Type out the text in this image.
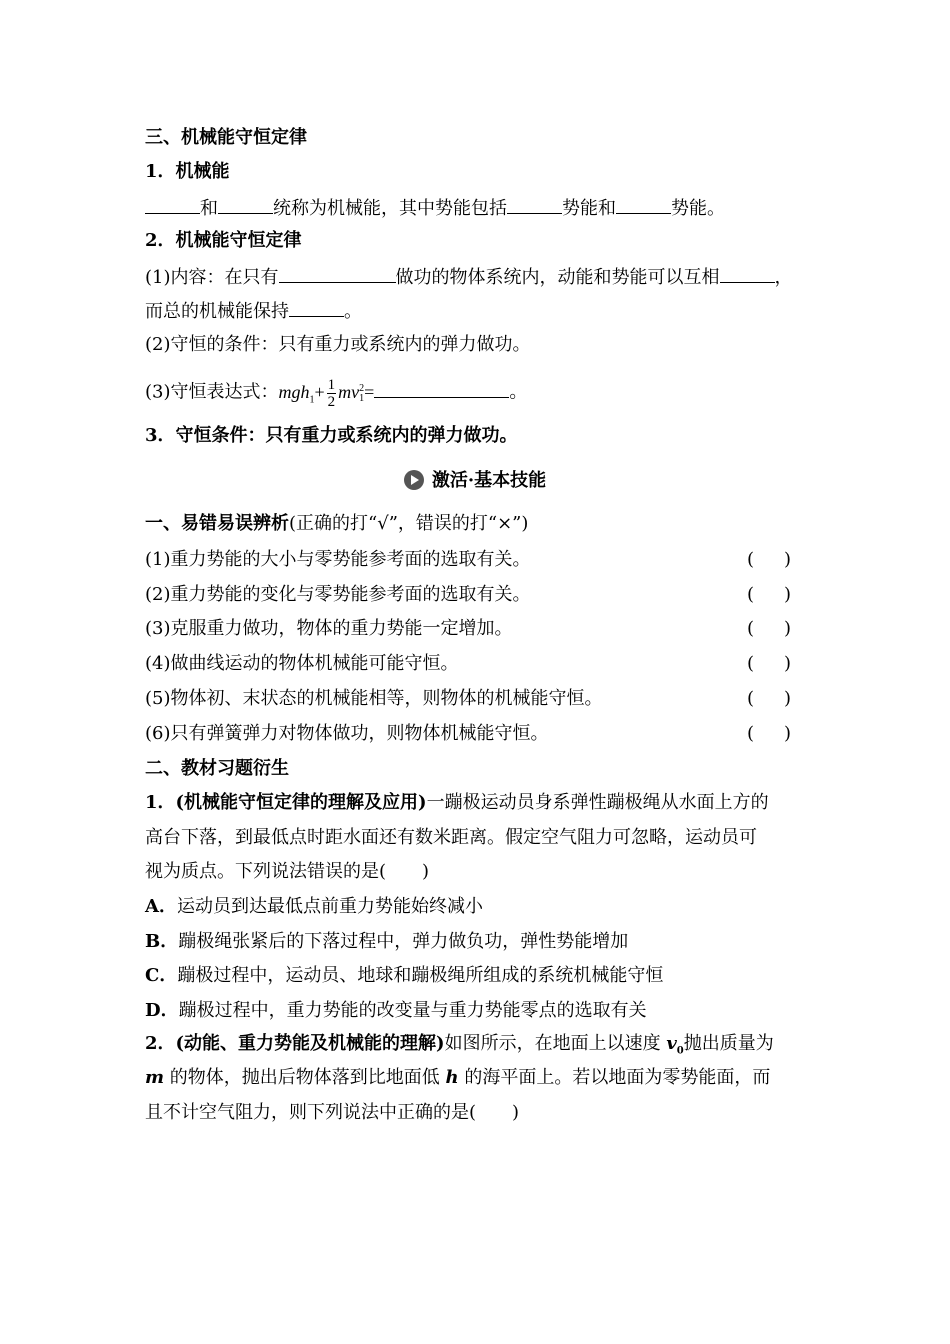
三、机械能守恒定律
1．机械能
和	统称为机械能，其中势能包括	势能和	势能。
2．机械能守恒定律
(1)内容：在只有	做功的物体系统内，动能和势能可以互相	，
而总的机械能保持	。
(2)守恒的条件：只有重力或系统内的弹力做功。
(3)守恒表达式：$mgh_1+ \frac{1}{2}$ mv 2
1 =	。
3．守恒条件：只有重力或系统内的弹力做功。
激活·基本技能
一、易错易误辨析(正确的打“√”，错误的打“×”)
(1)重力势能的大小与零势能参考面的选取有关。	( )
(2)重力势能的变化与零势能参考面的选取有关。	( )
(3)克服重力做功，物体的重力势能一定增加。	( )
(4)做曲线运动的物体机械能可能守恒。	( )
(5)物体初、末状态的机械能相等，则物体的机械能守恒。	( )
(6)只有弹簧弹力对物体做功，则物体机械能守恒。	( )
二、教材习题衍生
1．(机械能守恒定律的理解及应用)一蹦极运动员身系弹性蹦极绳从水面上方的
高台下落，到最低点时距水面还有数米距离。假定空气阻力可忽略，运动员可
视为质点。下列说法错误的是(　　)
A．运动员到达最低点前重力势能始终减小
B．蹦极绳张紧后的下落过程中，弹力做负功，弹性势能增加
C．蹦极过程中，运动员、地球和蹦极绳所组成的系统机械能守恒
D．蹦极过程中，重力势能的改变量与重力势能零点的选取有关
2．(动能、重力势能及机械能的理解)如图所示，在地面上以速度 $v_0$抛出质量为
m 的物体，抛出后物体落到比地面低 h 的海平面上。若以地面为零势能面，而
且不计空气阻力，则下列说法中正确的是(　　)
